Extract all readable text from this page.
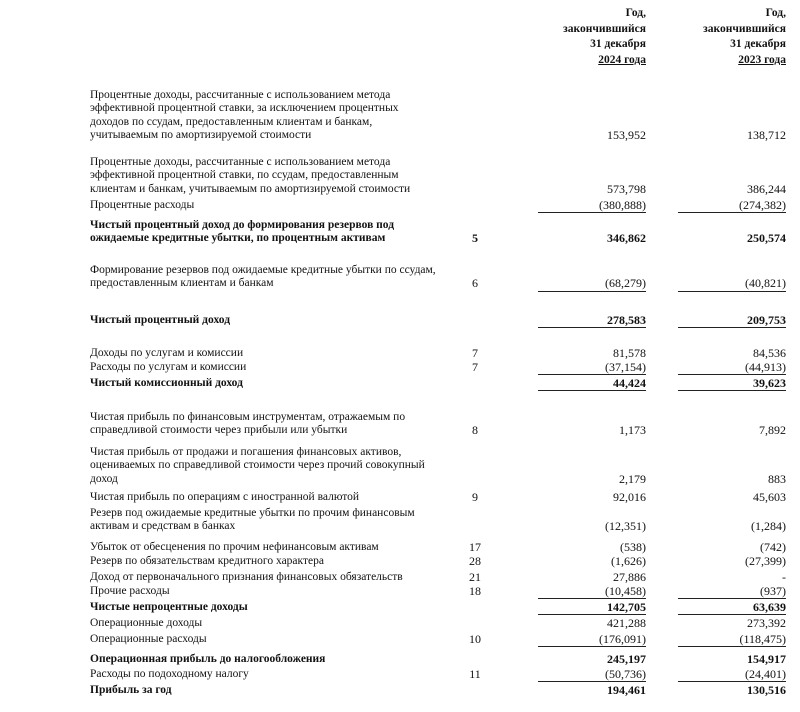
Год,
закончившийся
31 декабря
2024 года
Год,
закончившийся
31 декабря
2023 года
Процентные доходы, рассчитанные с использованием метода
эффективной процентной ставки, за исключением процентных
доходов по ссудам, предоставленным клиентам и банкам,
учитываемым по амортизируемой стоимости	153,952	138,712
Процентные доходы, рассчитанные с использованием метода
эффективной процентной ставки, по ссудам, предоставленным
клиентам и банкам, учитываемым по амортизируемой стоимости	573,798	386,244
Процентные расходы	(380,888)	(274,382)
Чистый процентный доход до формирования резервов под
ожидаемые кредитные убытки, по процентным активам	5	346,862	250,574
Формирование резервов под ожидаемые кредитные убытки по ссудам,
предоставленным клиентам и банкам	6	(68,279)	(40,821)
Чистый процентный доход	278,583	209,753
Доходы по услугам и комиссии	7	81,578	84,536
Расходы по услугам и комиссии	7	(37,154)	(44,913)
Чистый комиссионный доход	44,424	39,623
Чистая прибыль по финансовым инструментам, отражаемым по
справедливой стоимости через прибыли или убытки	8	1,173	7,892
Чистая прибыль от продажи и погашения финансовых активов,
оцениваемых по справедливой стоимости через прочий совокупный
доход	2,179	883
Чистая прибыль по операциям с иностранной валютой	9	92,016	45,603
Резерв под ожидаемые кредитные убытки по прочим финансовым
активам и средствам в банках	(12,351)	(1,284)
Убыток от обесценения по прочим нефинансовым активам	17	(538)	(742)
Резерв по обязательствам кредитного характера	28	(1,626)	(27,399)
Доход от первоначального признания финансовых обязательств	21	27,886	-
Прочие расходы	18	(10,458)	(937)
Чистые непроцентные доходы	142,705	63,639
Операционные доходы	421,288	273,392
Операционные расходы	10	(176,091)	(118,475)
Операционная прибыль до налогообложения	245,197	154,917
Расходы по подоходному налогу	11	(50,736)	(24,401)
Прибыль за год	194,461	130,516
